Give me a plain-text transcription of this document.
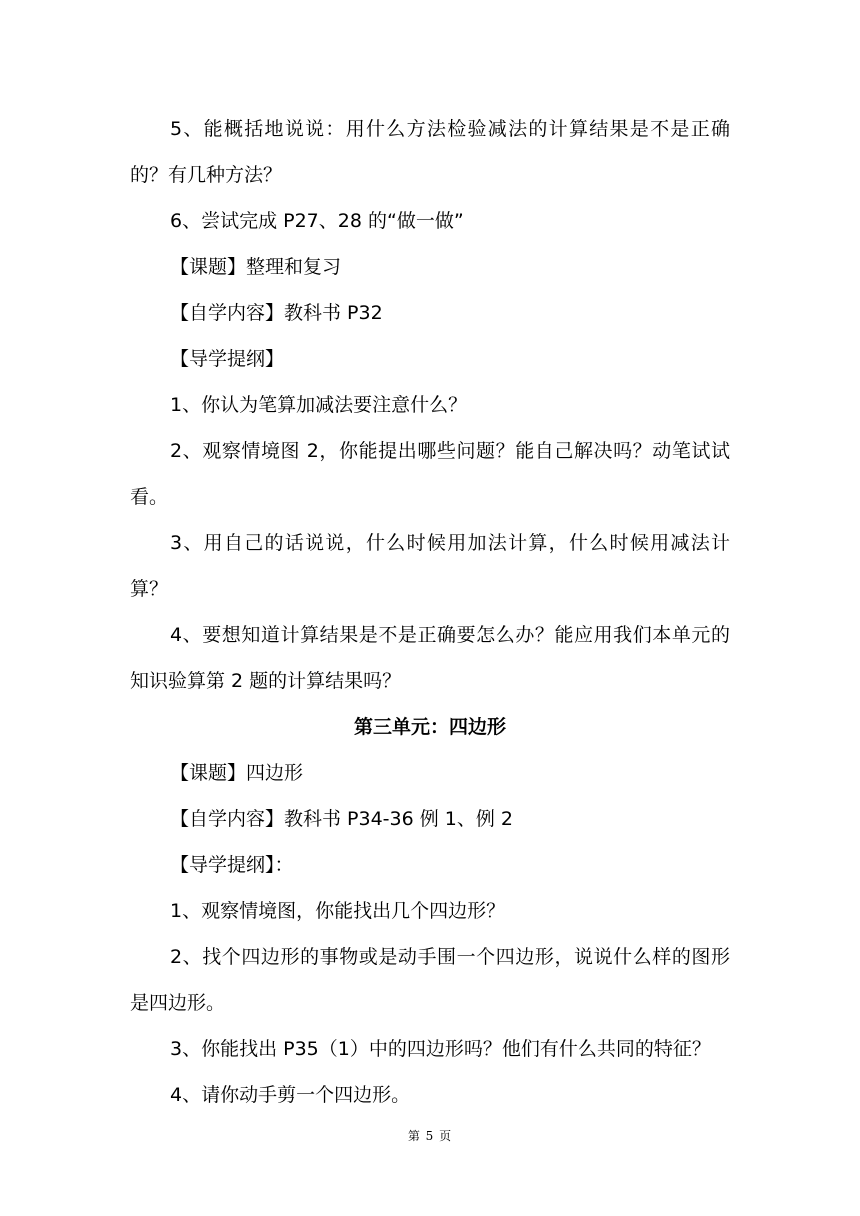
5、能概括地说说：用什么方法检验减法的计算结果是不是正确的？有几种方法？

6、尝试完成 P27、28 的“做一做”

【课题】整理和复习

【自学内容】教科书 P32

【导学提纲】

1、你认为笔算加减法要注意什么？

2、观察情境图 2，你能提出哪些问题？能自己解决吗？动笔试试看。

3、用自己的话说说，什么时候用加法计算，什么时候用减法计算？

4、要想知道计算结果是不是正确要怎么办？能应用我们本单元的知识验算第 2 题的计算结果吗？

第三单元：四边形

【课题】四边形

【自学内容】教科书 P34-36 例 1、例 2

【导学提纲】：

1、观察情境图，你能找出几个四边形？

2、找个四边形的事物或是动手围一个四边形，说说什么样的图形是四边形。

3、你能找出 P35（1）中的四边形吗？他们有什么共同的特征？

4、请你动手剪一个四边形。

第 5 页
